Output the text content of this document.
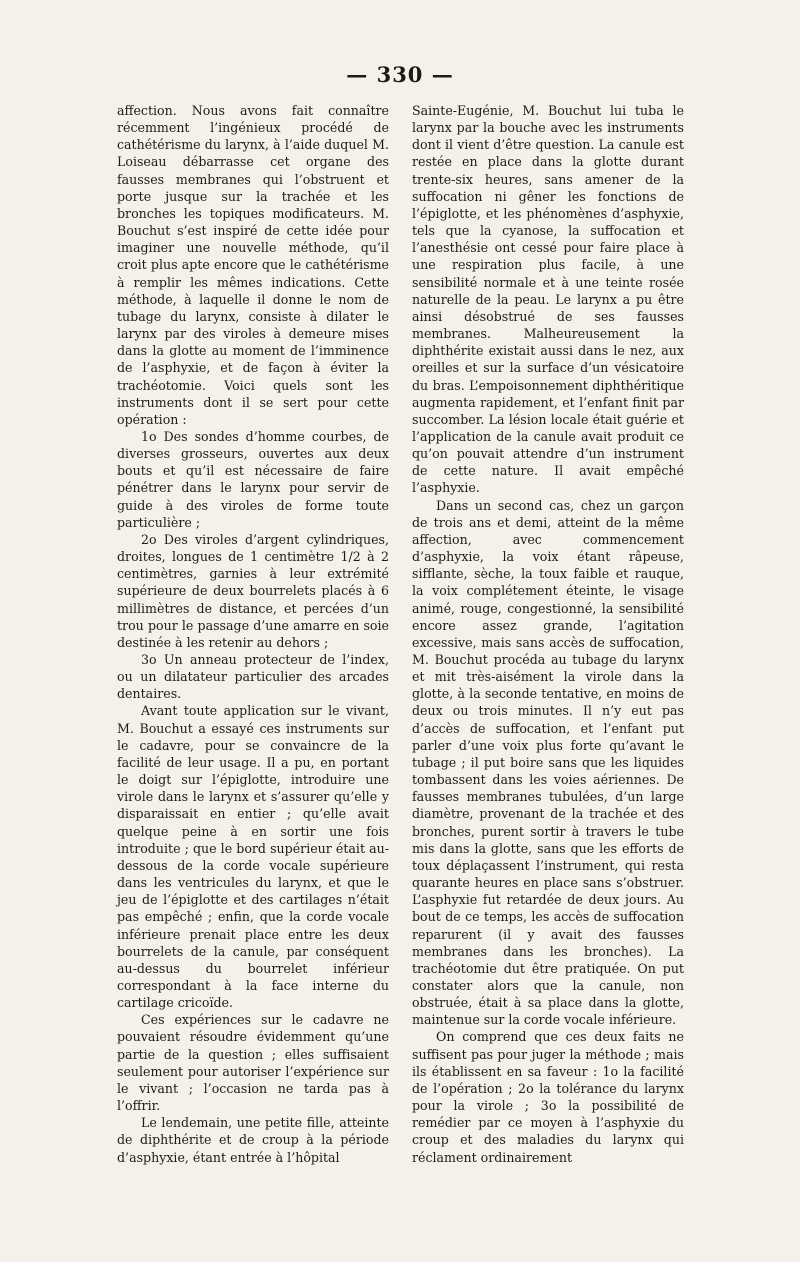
— 330 —

affection. Nous avons fait connaître récemment l’ingénieux procédé de cathétérisme du larynx, à l’aide duquel M. Loiseau débarrasse cet organe des fausses membranes qui l’obstruent et porte jusque sur la trachée et les bronches les topiques modificateurs. M. Bouchut s’est inspiré de cette idée pour imaginer une nouvelle méthode, qu’il croit plus apte encore que le cathétérisme à remplir les mêmes indications. Cette méthode, à laquelle il donne le nom de tubage du larynx, consiste à dilater le larynx par des viroles à demeure mises dans la glotte au moment de l’imminence de l’asphyxie, et de façon à éviter la trachéotomie. Voici quels sont les instruments dont il se sert pour cette opération :

1o Des sondes d’homme courbes, de diverses grosseurs, ouvertes aux deux bouts et qu’il est nécessaire de faire pénétrer dans le larynx pour servir de guide à des viroles de forme toute particulière ;

2o Des viroles d’argent cylindriques, droites, longues de 1 centimètre 1/2 à 2 centimètres, garnies à leur extrémité supérieure de deux bourrelets placés à 6 millimètres de distance, et percées d’un trou pour le passage d’une amarre en soie destinée à les retenir au dehors ;

3o Un anneau protecteur de l’index, ou un dilatateur particulier des arcades dentaires.

Avant toute application sur le vivant, M. Bouchut a essayé ces instruments sur le cadavre, pour se convaincre de la facilité de leur usage. Il a pu, en portant le doigt sur l’épiglotte, introduire une virole dans le larynx et s’assurer qu’elle y disparaissait en entier ; qu’elle avait quelque peine à en sortir une fois introduite ; que le bord supérieur était au-dessous de la corde vocale supérieure dans les ventricules du larynx, et que le jeu de l’épiglotte et des cartilages n’était pas empêché ; enfin, que la corde vocale inférieure prenait place entre les deux bourrelets de la canule, par conséquent au-dessus du bourrelet inférieur correspondant à la face interne du cartilage cricoïde.

Ces expériences sur le cadavre ne pouvaient résoudre évidemment qu’une partie de la question ; elles suffisaient seulement pour autoriser l’expérience sur le vivant ; l’occasion ne tarda pas à l’offrir.

Le lendemain, une petite fille, atteinte de diphthérite et de croup à la période d’asphyxie, étant entrée à l’hôpital

Sainte-Eugénie, M. Bouchut lui tuba le larynx par la bouche avec les instruments dont il vient d’être question. La canule est restée en place dans la glotte durant trente-six heures, sans amener de la suffocation ni gêner les fonctions de l’épiglotte, et les phénomènes d’asphyxie, tels que la cyanose, la suffocation et l’anesthésie ont cessé pour faire place à une respiration plus facile, à une sensibilité normale et à une teinte rosée naturelle de la peau. Le larynx a pu être ainsi désobstrué de ses fausses membranes. Malheureusement la diphthérite existait aussi dans le nez, aux oreilles et sur la surface d’un vésicatoire du bras. L’empoisonnement diphthéritique augmenta rapidement, et l’enfant finit par succomber. La lésion locale était guérie et l’application de la canule avait produit ce qu’on pouvait attendre d’un instrument de cette nature. Il avait empêché l’asphyxie.

Dans un second cas, chez un garçon de trois ans et demi, atteint de la même affection, avec commencement d’asphyxie, la voix étant râpeuse, sifflante, sèche, la toux faible et rauque, la voix complétement éteinte, le visage animé, rouge, congestionné, la sensibilité encore assez grande, l’agitation excessive, mais sans accès de suffocation, M. Bouchut procéda au tubage du larynx et mit très-aisément la virole dans la glotte, à la seconde tentative, en moins de deux ou trois minutes. Il n’y eut pas d’accès de suffocation, et l’enfant put parler d’une voix plus forte qu’avant le tubage ; il put boire sans que les liquides tombassent dans les voies aériennes. De fausses membranes tubulées, d’un large diamètre, provenant de la trachée et des bronches, purent sortir à travers le tube mis dans la glotte, sans que les efforts de toux déplaçassent l’instrument, qui resta quarante heures en place sans s’obstruer. L’asphyxie fut retardée de deux jours. Au bout de ce temps, les accès de suffocation reparurent (il y avait des fausses membranes dans les bronches). La trachéotomie dut être pratiquée. On put constater alors que la canule, non obstruée, était à sa place dans la glotte, maintenue sur la corde vocale inférieure.

On comprend que ces deux faits ne suffisent pas pour juger la méthode ; mais ils établissent en sa faveur : 1o la facilité de l’opération ; 2o la tolérance du larynx pour la virole ; 3o la possibilité de remédier par ce moyen à l’asphyxie du croup et des maladies du larynx qui réclament ordinairement
